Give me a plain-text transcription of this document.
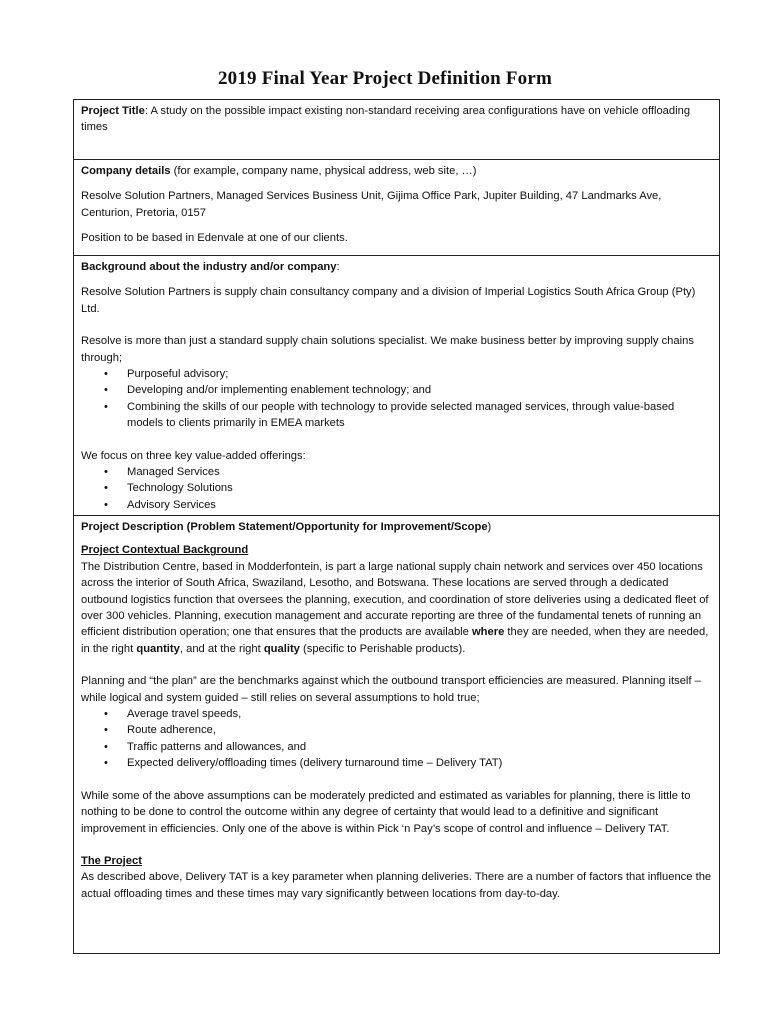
2019 Final Year Project Definition Form

Project Title: A study on the possible impact existing non-standard receiving area configurations have on vehicle offloading times

Company details (for example, company name, physical address, web site, …)

Resolve Solution Partners, Managed Services Business Unit, Gijima Office Park, Jupiter Building, 47 Landmarks Ave, Centurion, Pretoria, 0157

Position to be based in Edenvale at one of our clients.

Background about the industry and/or company:

Resolve Solution Partners is supply chain consultancy company and a division of Imperial Logistics South Africa Group (Pty) Ltd.

Resolve is more than just a standard supply chain solutions specialist. We make business better by improving supply chains through;

• Purposeful advisory;
• Developing and/or implementing enablement technology; and
• Combining the skills of our people with technology to provide selected managed services, through value-based models to clients primarily in EMEA markets

We focus on three key value-added offerings:

• Managed Services
• Technology Solutions
• Advisory Services

Project Description (Problem Statement/Opportunity for Improvement/Scope)

Project Contextual Background

The Distribution Centre, based in Modderfontein, is part a large national supply chain network and services over 450 locations across the interior of South Africa, Swaziland, Lesotho, and Botswana. These locations are served through a dedicated outbound logistics function that oversees the planning, execution, and coordination of store deliveries using a dedicated fleet of over 300 vehicles. Planning, execution management and accurate reporting are three of the fundamental tenets of running an efficient distribution operation; one that ensures that the products are available where they are needed, when they are needed, in the right quantity, and at the right quality (specific to Perishable products).

Planning and “the plan” are the benchmarks against which the outbound transport efficiencies are measured. Planning itself – while logical and system guided – still relies on several assumptions to hold true;

• Average travel speeds,
• Route adherence,
• Traffic patterns and allowances, and
• Expected delivery/offloading times (delivery turnaround time – Delivery TAT)

While some of the above assumptions can be moderately predicted and estimated as variables for planning, there is little to nothing to be done to control the outcome within any degree of certainty that would lead to a definitive and significant improvement in efficiencies. Only one of the above is within Pick ‘n Pay’s scope of control and influence – Delivery TAT.

The Project

As described above, Delivery TAT is a key parameter when planning deliveries. There are a number of factors that influence the actual offloading times and these times may vary significantly between locations from day-to-day.
